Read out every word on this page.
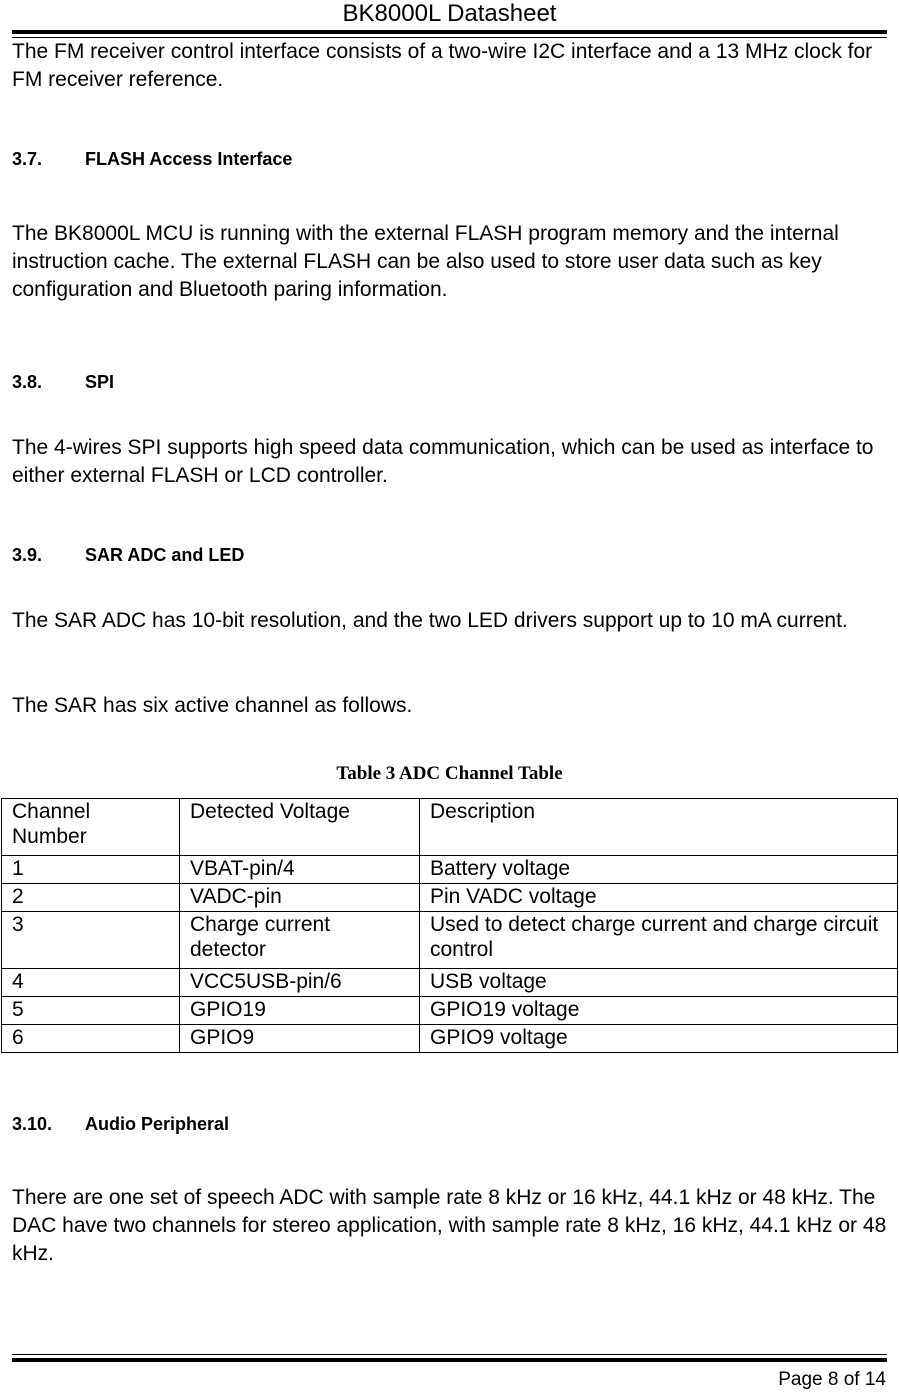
BK8000L Datasheet
The FM receiver control interface consists of a two-wire I2C interface and a 13 MHz clock for FM receiver reference.
3.7. FLASH Access Interface
The BK8000L MCU is running with the external FLASH program memory and the internal instruction cache. The external FLASH can be also used to store user data such as key configuration and Bluetooth paring information.
3.8. SPI
The 4-wires SPI supports high speed data communication, which can be used as interface to either external FLASH or LCD controller.
3.9. SAR ADC and LED
The SAR ADC has 10-bit resolution, and the two LED drivers support up to 10 mA current.
The SAR has six active channel as follows.
Table 3 ADC Channel Table
Channel Number	Detected Voltage	Description
1	VBAT-pin/4	Battery voltage
2	VADC-pin	Pin VADC voltage
3	Charge current detector	Used to detect charge current and charge circuit control
4	VCC5USB-pin/6	USB voltage
5	GPIO19	GPIO19 voltage
6	GPIO9	GPIO9 voltage
3.10. Audio Peripheral
There are one set of speech ADC with sample rate 8 kHz or 16 kHz, 44.1 kHz or 48 kHz. The DAC have two channels for stereo application, with sample rate 8 kHz, 16 kHz, 44.1 kHz or 48 kHz.
Page 8 of 14
